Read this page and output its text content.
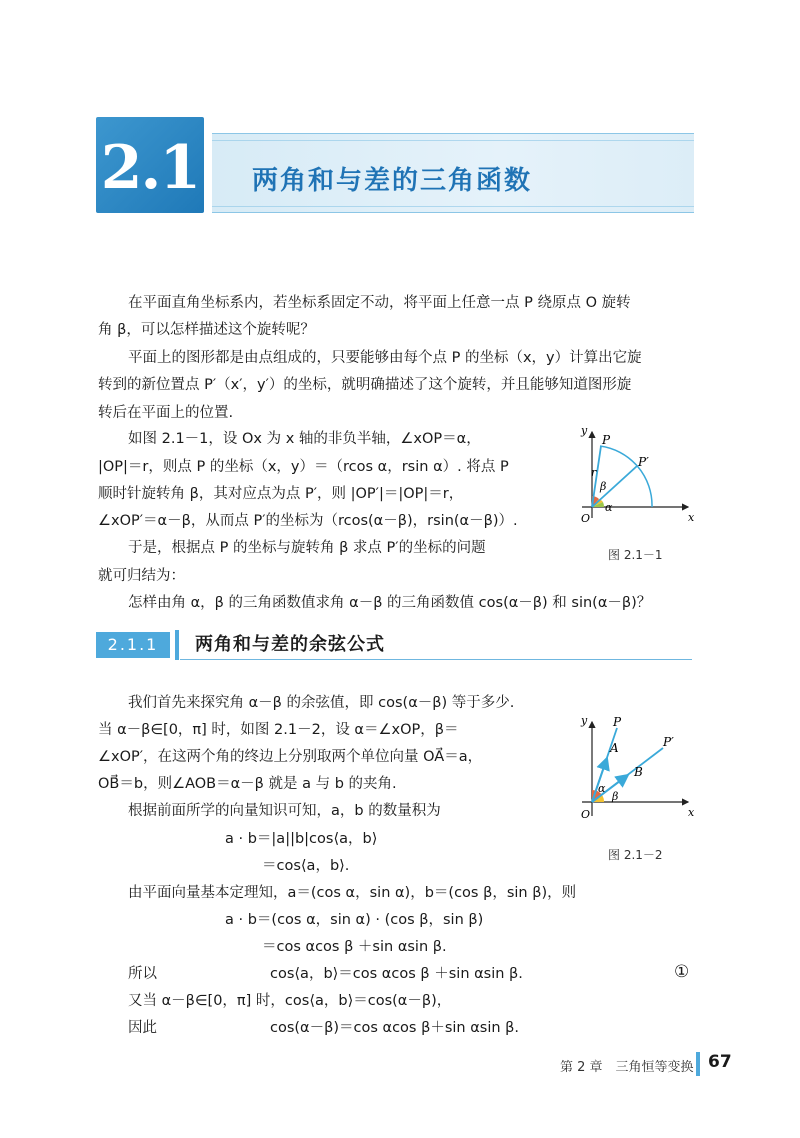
2.1 两角和与差的三角函数
在平面直角坐标系内，若坐标系固定不动，将平面上任意一点 P 绕原点 O 旋转
角 β，可以怎样描述这个旋转呢？
平面上的图形都是由点组成的，只要能够由每个点 P 的坐标（x，y）计算出它旋
转到的新位置点 P′（x′，y′）的坐标，就明确描述了这个旋转，并且能够知道图形旋
转后在平面上的位置.
如图 2.1－1，设 Ox 为 x 轴的非负半轴，∠xOP＝α，
|OP|＝r，则点 P 的坐标（x，y）＝（rcos α，rsin α）. 将点 P
顺时针旋转角 β，其对应点为点 P′，则 |OP′|＝|OP|＝r，
∠xOP′＝α－β，从而点 P′的坐标为（rcos(α－β)，rsin(α－β)）.
于是，根据点 P 的坐标与旋转角 β 求点 P′的坐标的问题
就可归结为：
怎样由角 α，β 的三角函数值求角 α－β 的三角函数值 cos(α－β) 和 sin(α－β)？
y
x
O
P
P′
r
α
β
图 2.1－1
2.1.1	两角和与差的余弦公式
我们首先来探究角 α－β 的余弦值，即 cos(α－β) 等于多少.
当 α－β∈[0，π] 时，如图 2.1－2，设 α＝∠xOP，β＝
∠xOP′，在这两个角的终边上分别取两个单位向量 OA⃗＝a，
OB⃗＝b，则∠AOB＝α－β 就是 a 与 b 的夹角.
根据前面所学的向量知识可知，a，b 的数量积为
a · b＝|a||b|cos⟨a，b⟩
＝cos⟨a，b⟩.
由平面向量基本定理知，a＝(cos α，sin α)，b＝(cos β，sin β)，则
a · b＝(cos α，sin α) · (cos β，sin β)
＝cos αcos β ＋sin αsin β.
所以	cos⟨a，b⟩＝cos αcos β ＋sin αsin β.	①
又当 α－β∈[0，π] 时，cos⟨a，b⟩＝cos(α－β)，
因此	cos(α－β)＝cos αcos β＋sin αsin β.
y
x
O
P
P′
A
B
α
β
图 2.1－2
第 2 章　三角恒等变换 67
